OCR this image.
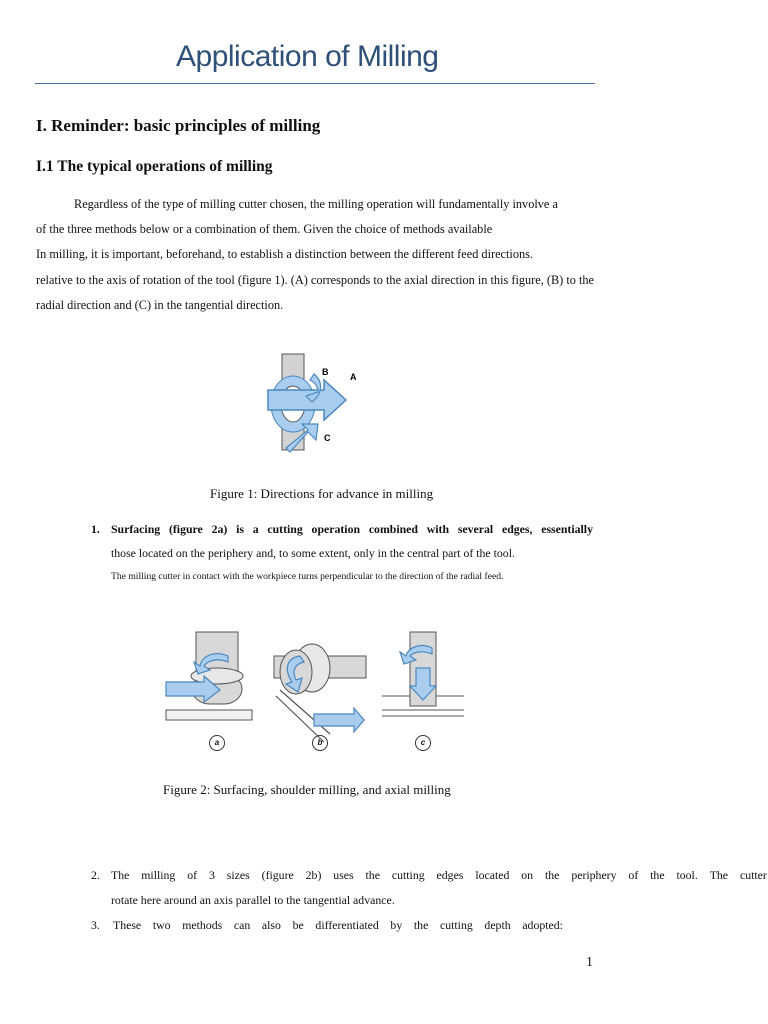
Application of Milling
I. Reminder: basic principles of milling
I.1 The typical operations of milling
Regardless of the type of milling cutter chosen, the milling operation will fundamentally involve a
of the three methods below or a combination of them. Given the choice of methods available
In milling, it is important, beforehand, to establish a distinction between the different feed directions.
relative to the axis of rotation of the tool (figure 1). (A) corresponds to the axial direction in this figure, (B) to the
radial direction and (C) in the tangential direction.
B A
C
Figure 1: Directions for advance in milling
1. Surfacing (figure 2a) is a cutting operation combined with several edges, essentially
those located on the periphery and, to some extent, only in the central part of the tool.
The milling cutter in contact with the workpiece turns perpendicular to the direction of the radial feed.
a	b	c
Figure 2: Surfacing, shoulder milling, and axial milling
2. The milling of 3 sizes (figure 2b) uses the cutting edges located on the periphery of the tool. The cutter
rotate here around an axis parallel to the tangential advance.
3. These two methods can also be differentiated by the cutting depth adopted:
1
